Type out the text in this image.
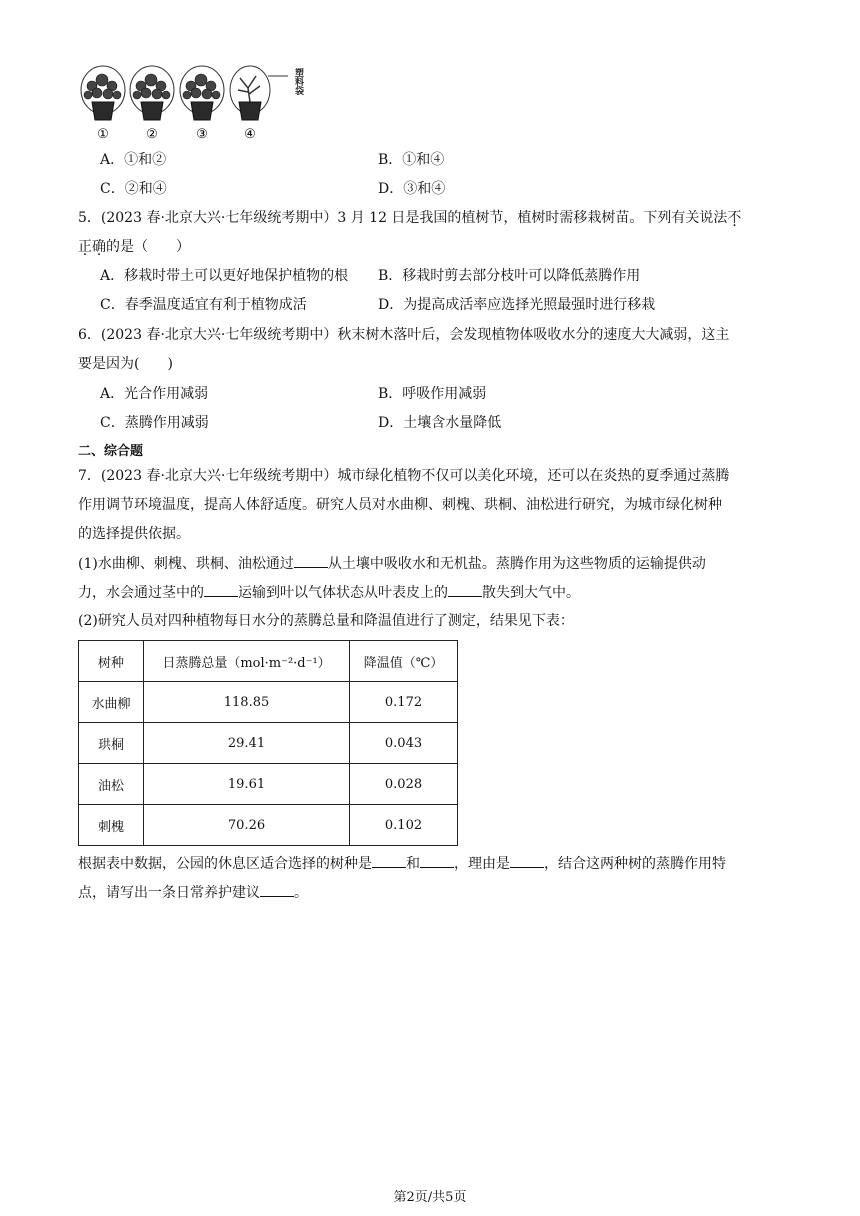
塑料袋
①	②	③	④
A．①和②	B．①和④
C．②和④	D．③和④
5．(2023 春·北京大兴·七年级统考期中）3 月 12 日是我国的植树节，植树时需移栽树苗。下列有关说法不
正确的是（　　）
A．移栽时带土可以更好地保护植物的根 B．移栽时剪去部分枝叶可以降低蒸腾作用
C．春季温度适宜有利于植物成活	D．为提高成活率应选择光照最强时进行移栽
6．(2023 春·北京大兴·七年级统考期中）秋末树木落叶后，会发现植物体吸收水分的速度大大减弱，这主
要是因为(　　)
A．光合作用减弱	B．呼吸作用减弱
C．蒸腾作用减弱	D．土壤含水量降低
二、综合题
7．(2023 春·北京大兴·七年级统考期中）城市绿化植物不仅可以美化环境，还可以在炎热的夏季通过蒸腾
作用调节环境温度，提高人体舒适度。研究人员对水曲柳、刺槐、珙桐、油松进行研究，为城市绿化树种
的选择提供依据。
(1)水曲柳、刺槐、珙桐、油松通过 从土壤中吸收水和无机盐。蒸腾作用为这些物质的运输提供动
力，水会通过茎中的 运输到叶以气体状态从叶表皮上的 散失到大气中。
(2)研究人员对四种植物每日水分的蒸腾总量和降温值进行了测定，结果见下表：
树种	日蒸腾总量（mol·m⁻²·d⁻¹）	降温值（℃）
水曲柳	118.85	0.172
珙桐	29.41	0.043
油松	19.61	0.028
刺槐	70.26	0.102
根据表中数据，公园的休息区适合选择的树种是 和 ，理由是 ，结合这两种树的蒸腾作用特
点，请写出一条日常养护建议 。
第2页/共5页
